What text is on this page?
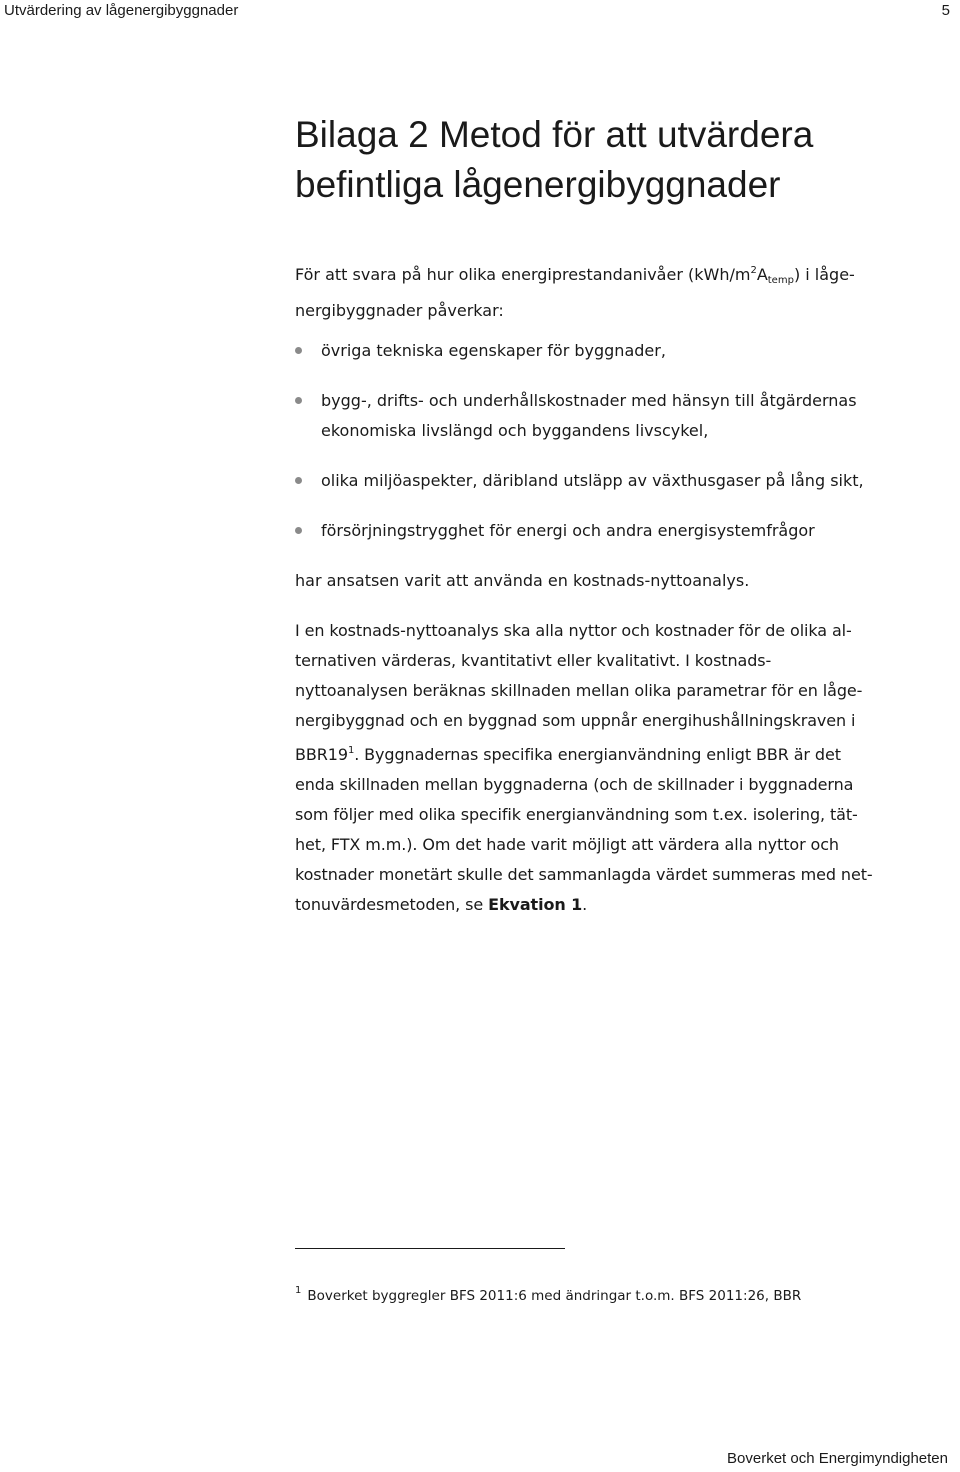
Utvärdering av lågenergibyggnader	5
Bilaga 2 Metod för att utvärdera
befintliga lågenergibyggnader
För att svara på hur olika energiprestandanivåer $(kWh/m^2A_{temp})$ i låge-
nergibyggnader påverkar:
övriga tekniska egenskaper för byggnader,
bygg-, drifts- och underhållskostnader med hänsyn till åtgärdernas
ekonomiska livslängd och byggandens livscykel,
olika miljöaspekter, däribland utsläpp av växthusgaser på lång sikt,
försörjningstrygghet för energi och andra energisystemfrågor
har ansatsen varit att använda en kostnads-nyttoanalys.
I en kostnads-nyttoanalys ska alla nyttor och kostnader för de olika al-
ternativen värderas, kvantitativt eller kvalitativt. I kostnads-
nyttoanalysen beräknas skillnaden mellan olika parametrar för en låge-
nergibyggnad och en byggnad som uppnår energihushållningskraven i
$BBR19^1$. Byggnadernas specifika energianvändning enligt BBR är det
enda skillnaden mellan byggnaderna (och de skillnader i byggnaderna
som följer med olika specifik energianvändning som t.ex. isolering, tät-
het, FTX m.m.). Om det hade varit möjligt att värdera alla nyttor och
kostnader monetärt skulle det sammanlagda värdet summeras med net-
tonuvärdesmetoden, se Ekvation 1.
$^1$ Boverket byggregler BFS 2011:6 med ändringar t.o.m. BFS 2011:26, BBR
Boverket och Energimyndigheten
